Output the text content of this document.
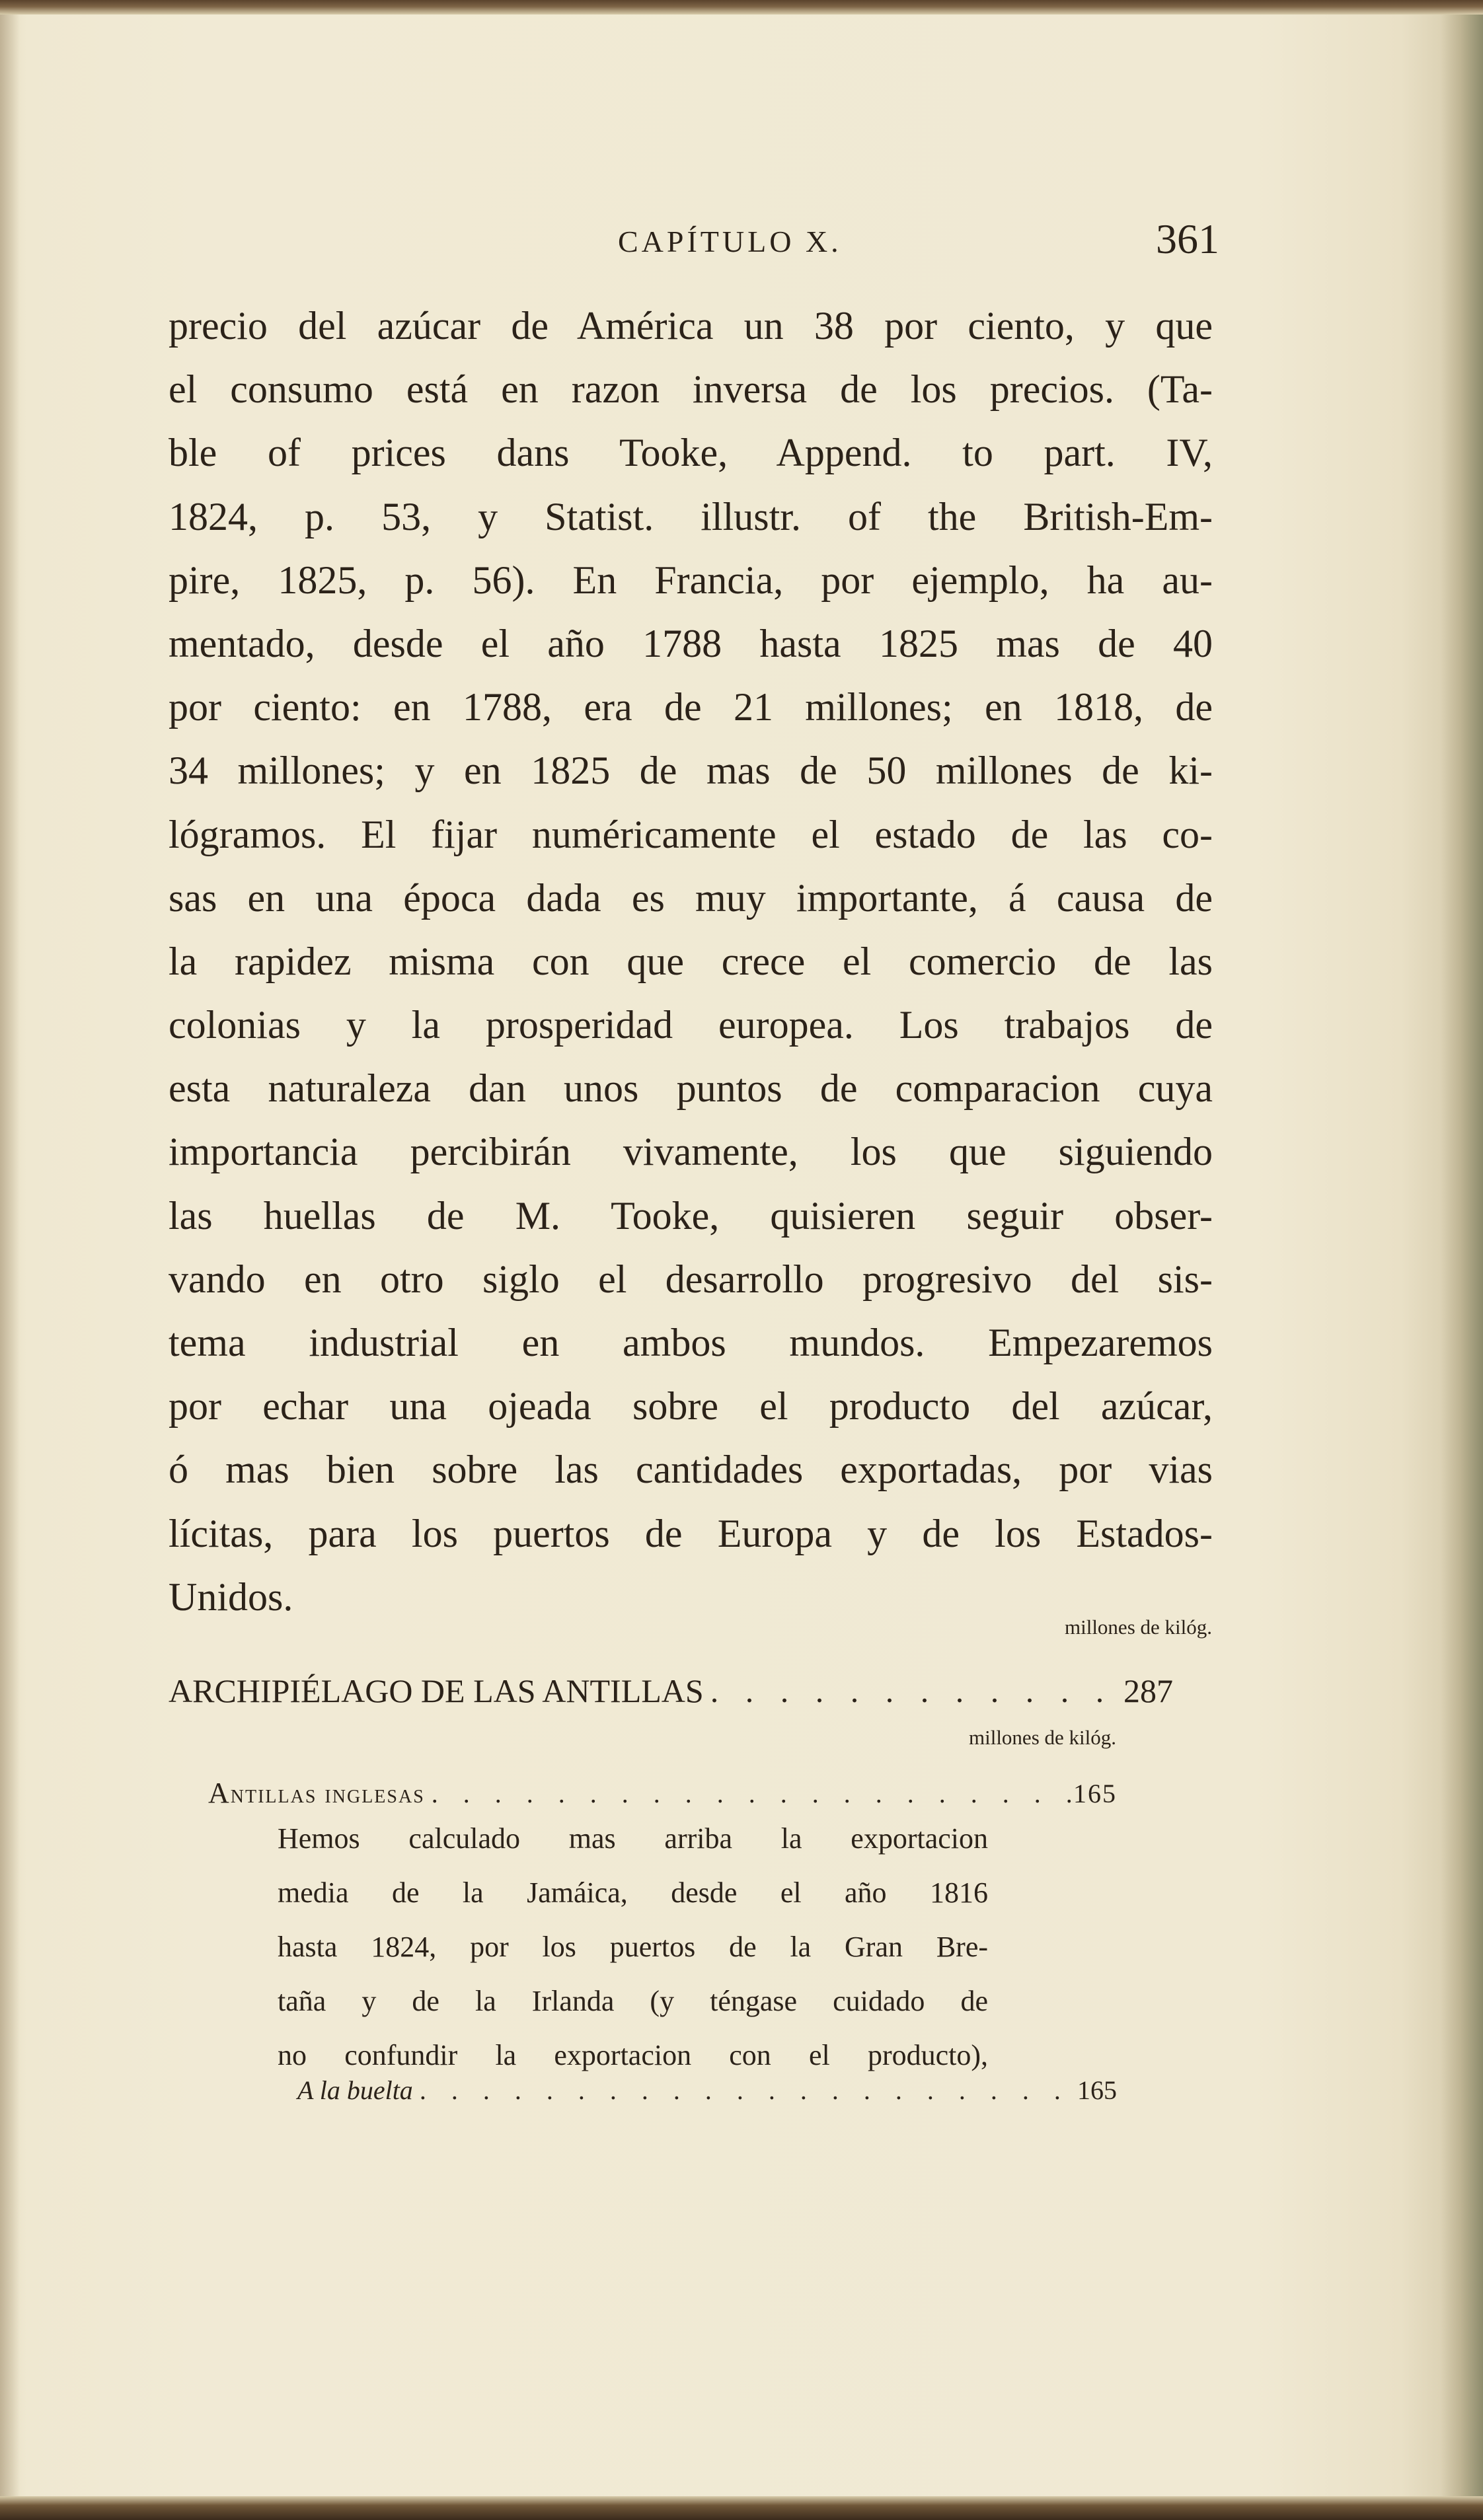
CAPÍTULO X.	361
precio del azúcar de América un 38 por ciento, y que
el consumo está en razon inversa de los precios. (Ta-
ble of prices dans Tooke, Append. to part. IV,
1824, p. 53, y Statist. illustr. of the British-Em-
pire, 1825, p. 56). En Francia, por ejemplo, ha au-
mentado, desde el año 1788 hasta 1825 mas de 40
por ciento: en 1788, era de 21 millones; en 1818, de
34 millones; y en 1825 de mas de 50 millones de ki-
lógramos. El fijar numéricamente el estado de las co-
sas en una época dada es muy importante, á causa de
la rapidez misma con que crece el comercio de las
colonias y la prosperidad europea. Los trabajos de
esta naturaleza dan unos puntos de comparacion cuya
importancia percibirán vivamente, los que siguiendo
las huellas de M. Tooke, quisieren seguir obser-
vando en otro siglo el desarrollo progresivo del sis-
tema industrial en ambos mundos. Empezaremos
por echar una ojeada sobre el producto del azúcar,
ó mas bien sobre las cantidades exportadas, por vias
lícitas, para los puertos de Europa y de los Estados-
Unidos.
millones de kilóg.
ARCHIPIÉLAGO DE LAS ANTILLAS . . .	287
millones de kilóg.
Antillas inglesas . . .	165
Hemos calculado mas arriba la exportacion
media de la Jamáica, desde el año 1816
hasta 1824, por los puertos de la Gran Bre-
taña y de la Irlanda (y téngase cuidado de
no confundir la exportacion con el producto),
A la buelta . . .	165
